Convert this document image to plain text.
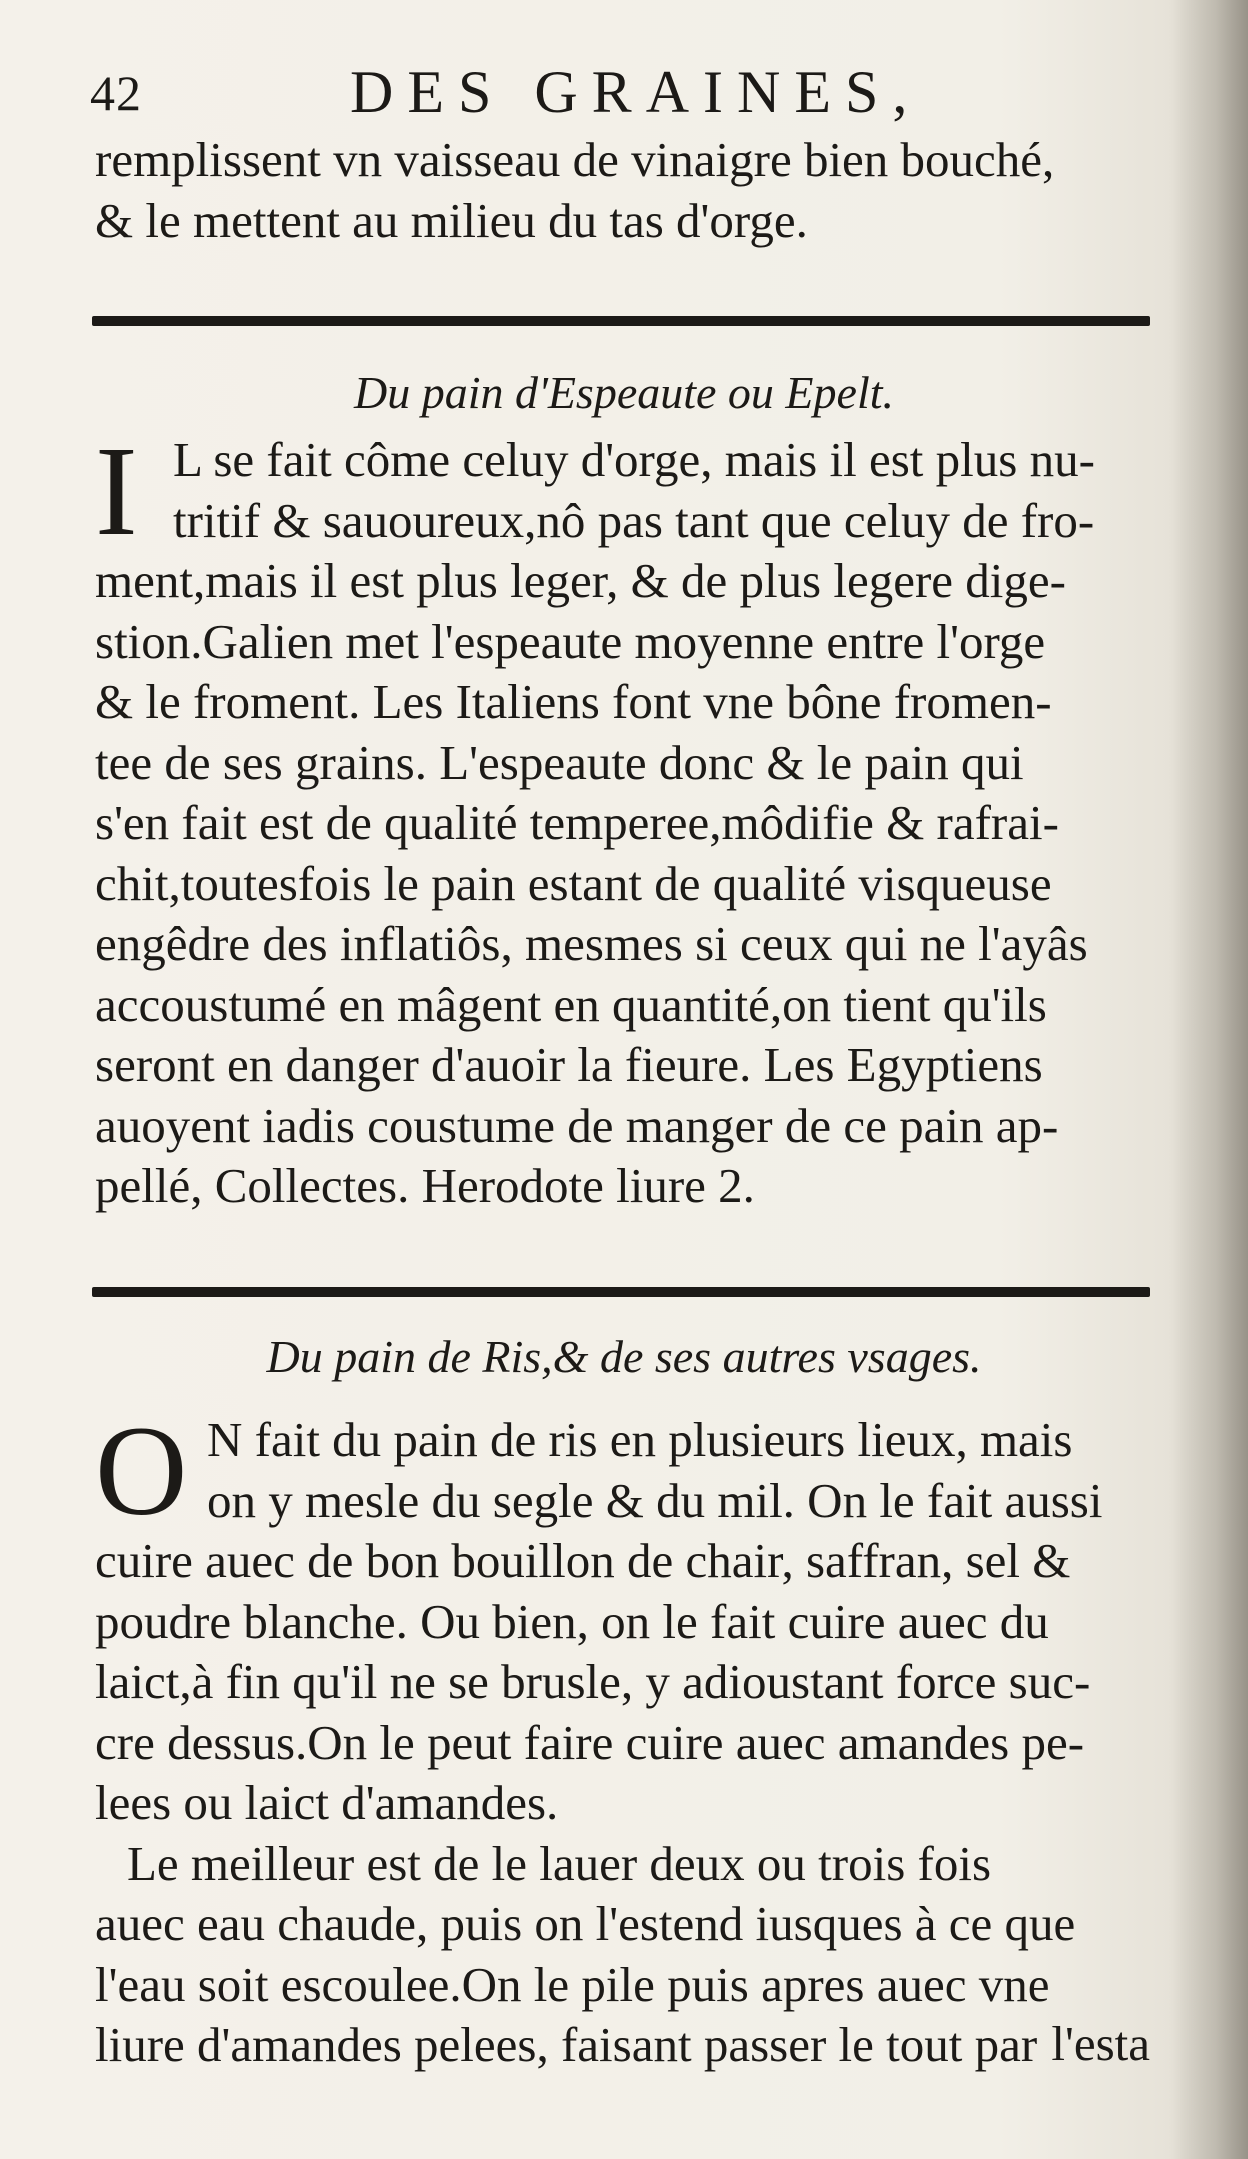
42	DES GRAINES,
remplissent vn vaisseau de vinaigre bien bouché,
& le mettent au milieu du tas d'orge.
Du pain d'Espeaute ou Epelt.
I L se fait côme celuy d'orge, mais il est plus nu-
tritif & sauoureux,nô pas tant que celuy de fro-
ment,mais il est plus leger, & de plus legere dige-
stion.Galien met l'espeaute moyenne entre l'orge
& le froment. Les Italiens font vne bône fromen-
tee de ses grains. L'espeaute donc & le pain qui
s'en fait est de qualité temperee,môdifie & rafrai-
chit,toutesfois le pain estant de qualité visqueuse
engêdre des inflatiôs, mesmes si ceux qui ne l'ayâs
accoustumé en mâgent en quantité,on tient qu'ils
seront en danger d'auoir la fieure. Les Egyptiens
auoyent iadis coustume de manger de ce pain ap-
pellé, Collectes. Herodote liure 2.
Du pain de Ris,& de ses autres vsages.
O N fait du pain de ris en plusieurs lieux, mais
on y mesle du segle & du mil. On le fait aussi
cuire auec de bon bouillon de chair, saffran, sel &
poudre blanche. Ou bien, on le fait cuire auec du
laict,à fin qu'il ne se brusle, y adioustant force suc-
cre dessus.On le peut faire cuire auec amandes pe-
lees ou laict d'amandes.
Le meilleur est de le lauer deux ou trois fois
auec eau chaude, puis on l'estend iusques à ce que
l'eau soit escoulee.On le pile puis apres auec vne
liure d'amandes pelees, faisant passer le tout par l'esta
